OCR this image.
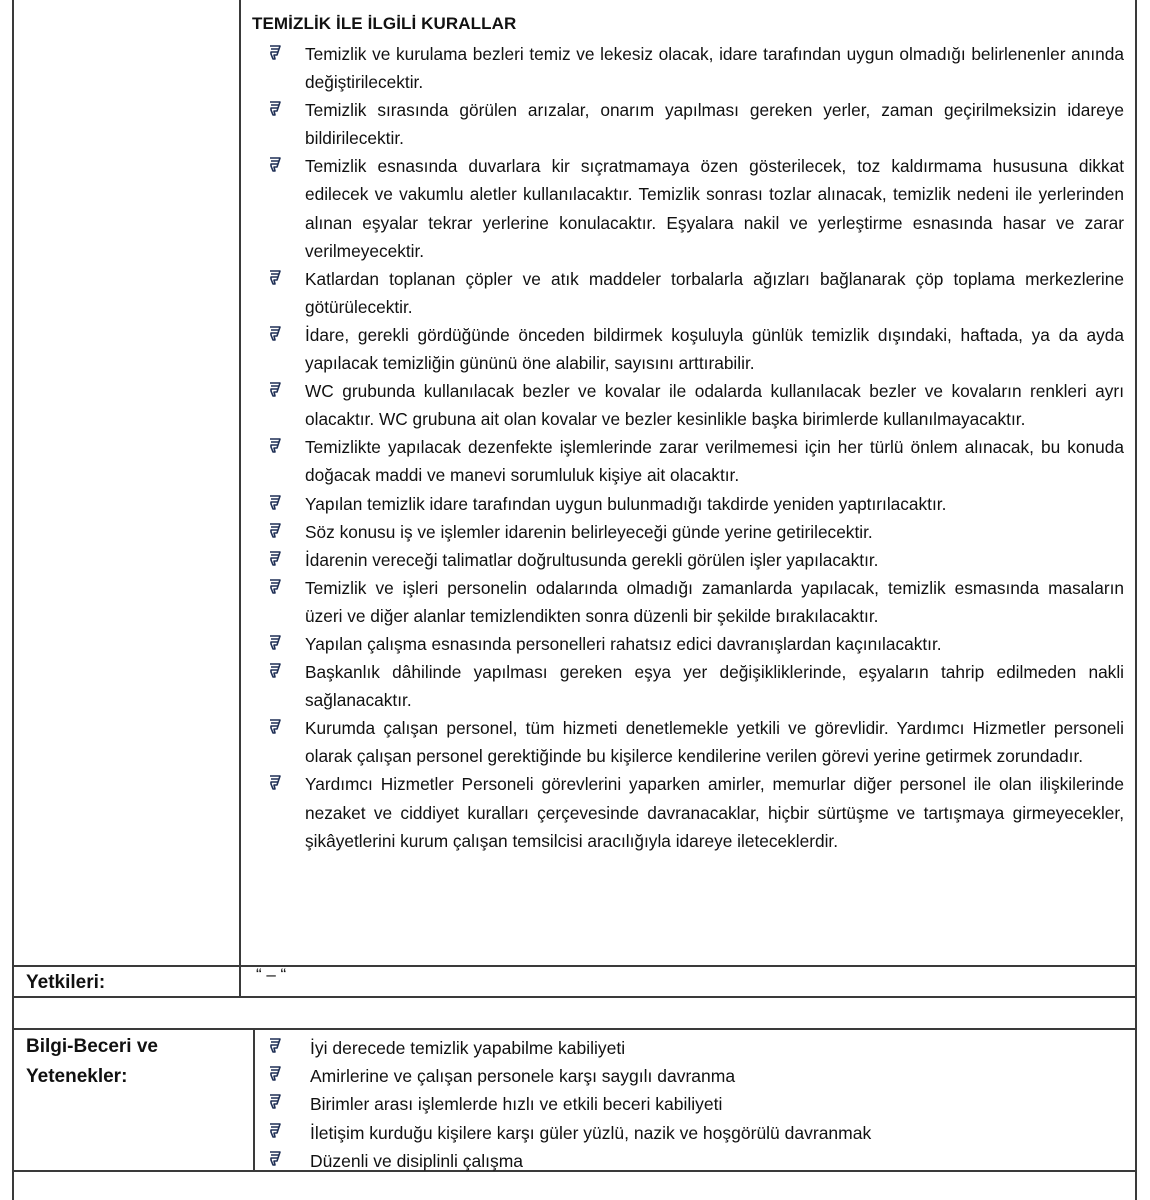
TEMİZLİK İLE İLGİLİ KURALLAR
Temizlik ve kurulama bezleri temiz ve lekesiz olacak, idare tarafından uygun olmadığı belirlenenler anında değiştirilecektir.
Temizlik sırasında görülen arızalar, onarım yapılması gereken yerler, zaman geçirilmeksizin idareye bildirilecektir.
Temizlik esnasında duvarlara kir sıçratmamaya özen gösterilecek, toz kaldırmama hususuna dikkat edilecek ve vakumlu aletler kullanılacaktır. Temizlik sonrası tozlar alınacak, temizlik nedeni ile yerlerinden alınan eşyalar tekrar yerlerine konulacaktır. Eşyalara nakil ve yerleştirme esnasında hasar ve zarar verilmeyecektir.
Katlardan toplanan çöpler ve atık maddeler torbalarla ağızları bağlanarak çöp toplama merkezlerine götürülecektir.
İdare, gerekli gördüğünde önceden bildirmek koşuluyla günlük temizlik dışındaki, haftada, ya da ayda yapılacak temizliğin gününü öne alabilir, sayısını arttırabilir.
WC grubunda kullanılacak bezler ve kovalar ile odalarda kullanılacak bezler ve kovaların renkleri ayrı olacaktır. WC grubuna ait olan kovalar ve bezler kesinlikle başka birimlerde kullanılmayacaktır.
Temizlikte yapılacak dezenfekte işlemlerinde zarar verilmemesi için her türlü önlem alınacak, bu konuda doğacak maddi ve manevi sorumluluk kişiye ait olacaktır.
Yapılan temizlik idare tarafından uygun bulunmadığı takdirde yeniden yaptırılacaktır.
Söz konusu iş ve işlemler idarenin belirleyeceği günde yerine getirilecektir.
İdarenin vereceği talimatlar doğrultusunda gerekli görülen işler yapılacaktır.
Temizlik ve işleri personelin odalarında olmadığı zamanlarda yapılacak, temizlik esmasında masaların üzeri ve diğer alanlar temizlendikten sonra düzenli bir şekilde bırakılacaktır.
Yapılan çalışma esnasında personelleri rahatsız edici davranışlardan kaçınılacaktır.
Başkanlık dâhilinde yapılması gereken eşya yer değişikliklerinde, eşyaların tahrip edilmeden nakli sağlanacaktır.
Kurumda çalışan personel, tüm hizmeti denetlemekle yetkili ve görevlidir. Yardımcı Hizmetler personeli olarak çalışan personel gerektiğinde bu kişilerce kendilerine verilen görevi yerine getirmek zorundadır.
Yardımcı Hizmetler Personeli görevlerini yaparken amirler, memurlar diğer personel ile olan ilişkilerinde nezaket ve ciddiyet kuralları çerçevesinde davranacaklar, hiçbir sürtüşme ve tartışmaya girmeyecekler, şikâyetlerini kurum çalışan temsilcisi aracılığıyla idareye ileteceklerdir.
Yetkileri:	“ – “
Bilgi-Beceri ve
Yetenekler:
İyi derecede temizlik yapabilme kabiliyeti
Amirlerine ve çalışan personele karşı saygılı davranma
Birimler arası işlemlerde hızlı ve etkili beceri kabiliyeti
İletişim kurduğu kişilere karşı güler yüzlü, nazik ve hoşgörülü davranmak
Düzenli ve disiplinli çalışma
